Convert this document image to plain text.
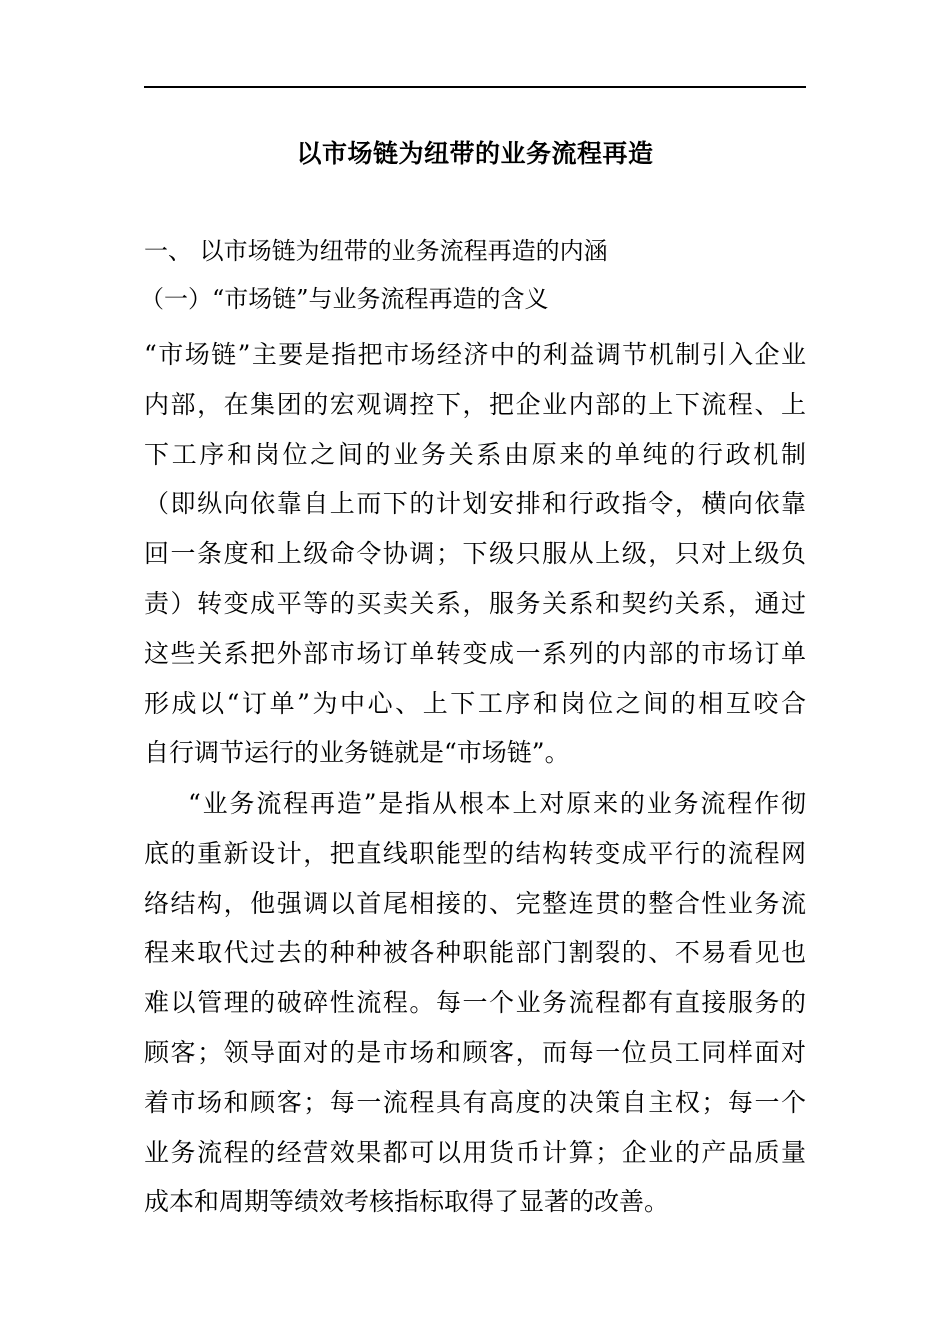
以市场链为纽带的业务流程再造
一、 以市场链为纽带的业务流程再造的内涵
（一）“市场链”与业务流程再造的含义
“市场链”主要是指把市场经济中的利益调节机制引入企业
内部，在集团的宏观调控下，把企业内部的上下流程、上
下工序和岗位之间的业务关系由原来的单纯的行政机制
（即纵向依靠自上而下的计划安排和行政指令，横向依靠
回一条度和上级命令协调；下级只服从上级，只对上级负
责）转变成平等的买卖关系，服务关系和契约关系，通过
这些关系把外部市场订单转变成一系列的内部的市场订单
形成以“订单”为中心、上下工序和岗位之间的相互咬合
自行调节运行的业务链就是“市场链”。
“业务流程再造”是指从根本上对原来的业务流程作彻
底的重新设计，把直线职能型的结构转变成平行的流程网
络结构，他强调以首尾相接的、完整连贯的整合性业务流
程来取代过去的种种被各种职能部门割裂的、不易看见也
难以管理的破碎性流程。每一个业务流程都有直接服务的
顾客；领导面对的是市场和顾客，而每一位员工同样面对
着市场和顾客；每一流程具有高度的决策自主权；每一个
业务流程的经营效果都可以用货币计算；企业的产品质量
成本和周期等绩效考核指标取得了显著的改善。
